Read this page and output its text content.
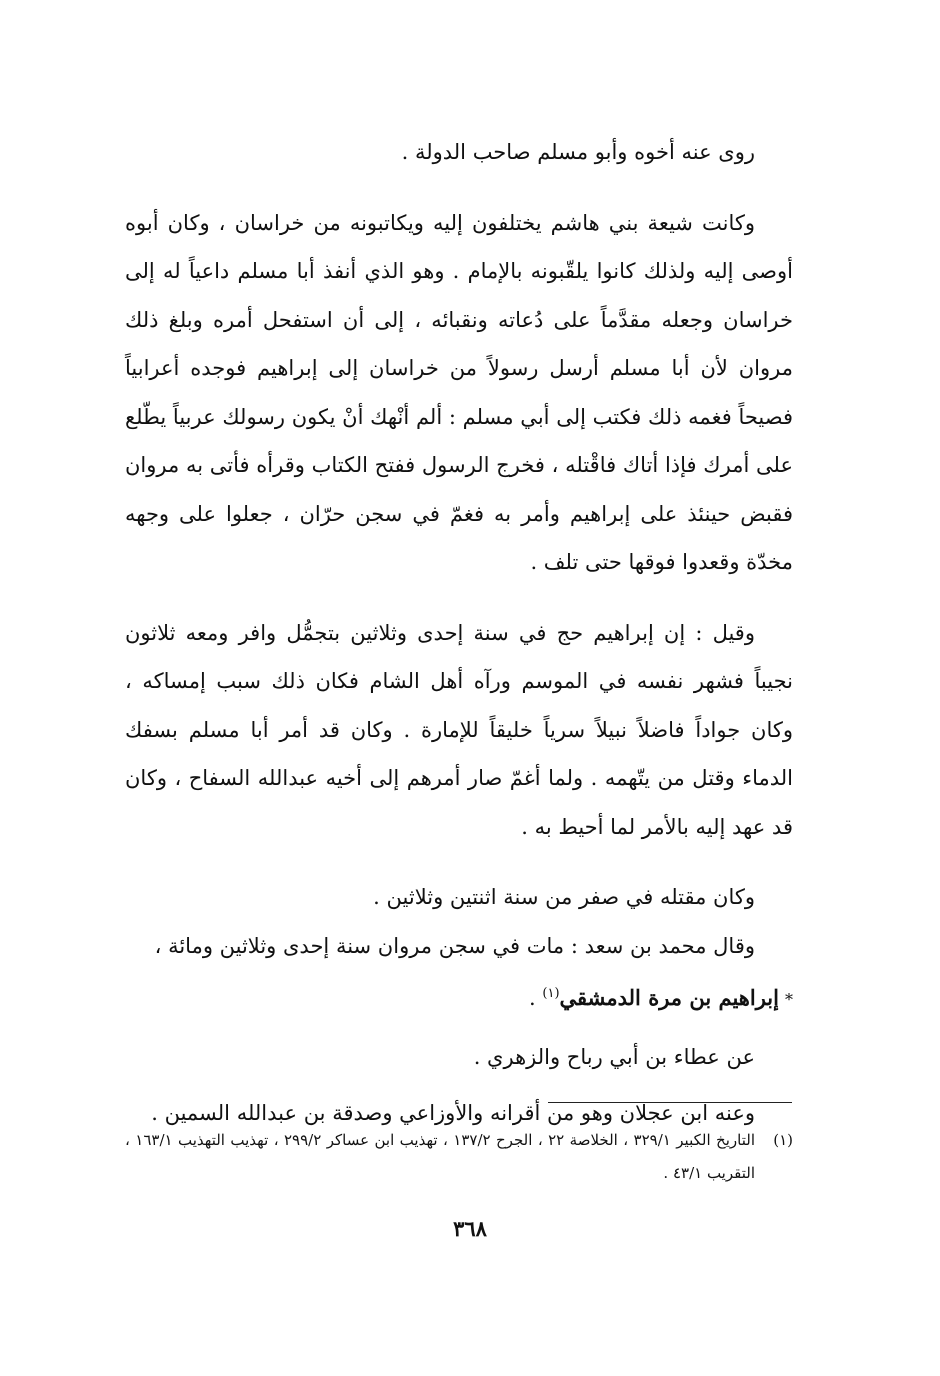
روى عنه أخوه وأبو مسلم صاحب الدولة .

وكانت شيعة بني هاشم يختلفون إليه ويكاتبونه من خراسان ، وكان أبوه أوصى إليه ولذلك كانوا يلقّبونه بالإمام . وهو الذي أنفذ أبا مسلم داعياً له إلى خراسان وجعله مقدَّماً على دُعاته ونقبائه ، إلى أن استفحل أمره وبلغ ذلك مروان لأن أبا مسلم أرسل رسولاً من خراسان إلى إبراهيم فوجده أعرابياً فصيحاً فغمه ذلك فكتب إلى أبي مسلم : ألم أنْهك أنْ يكون رسولك عربياً يطّلع على أمرك فإذا أتاك فاقْتله ، فخرج الرسول ففتح الكتاب وقرأه فأتى به مروان فقبض حينئذ على إبراهيم وأمر به فغمّ في سجن حرّان ، جعلوا على وجهه مخدّة وقعدوا فوقها حتى تلف .

وقيل : إن إبراهيم حج في سنة إحدى وثلاثين بتجمُّل وافر ومعه ثلاثون نجيباً فشهر نفسه في الموسم ورآه أهل الشام فكان ذلك سبب إمساكه ، وكان جواداً فاضلاً نبيلاً سرياً خليقاً للإمارة . وكان قد أمر أبا مسلم بسفك الدماء وقتل من يتّهمه . ولما أغمّ صار أمرهم إلى أخيه عبدالله السفاح ، وكان قد عهد إليه بالأمر لما أحيط به .

وكان مقتله في صفر من سنة اثنتين وثلاثين .

وقال محمد بن سعد : مات في سجن مروان سنة إحدى وثلاثين ومائة ،

*إبراهيم بن مرة الدمشقي$^{(١)}$ .

عن عطاء بن أبي رباح والزهري .

وعنه ابن عجلان وهو من أقرانه والأوزاعي وصدقة بن عبدالله السمين .

(١)
التاريخ الكبير ٣٢٩/١ ، الخلاصة ٢٢ ، الجرح ١٣٧/٢ ، تهذيب ابن عساكر ٢٩٩/٢ ، تهذيب التهذيب ١٦٣/١ ، التقريب ٤٣/١ .
٣٦٨
